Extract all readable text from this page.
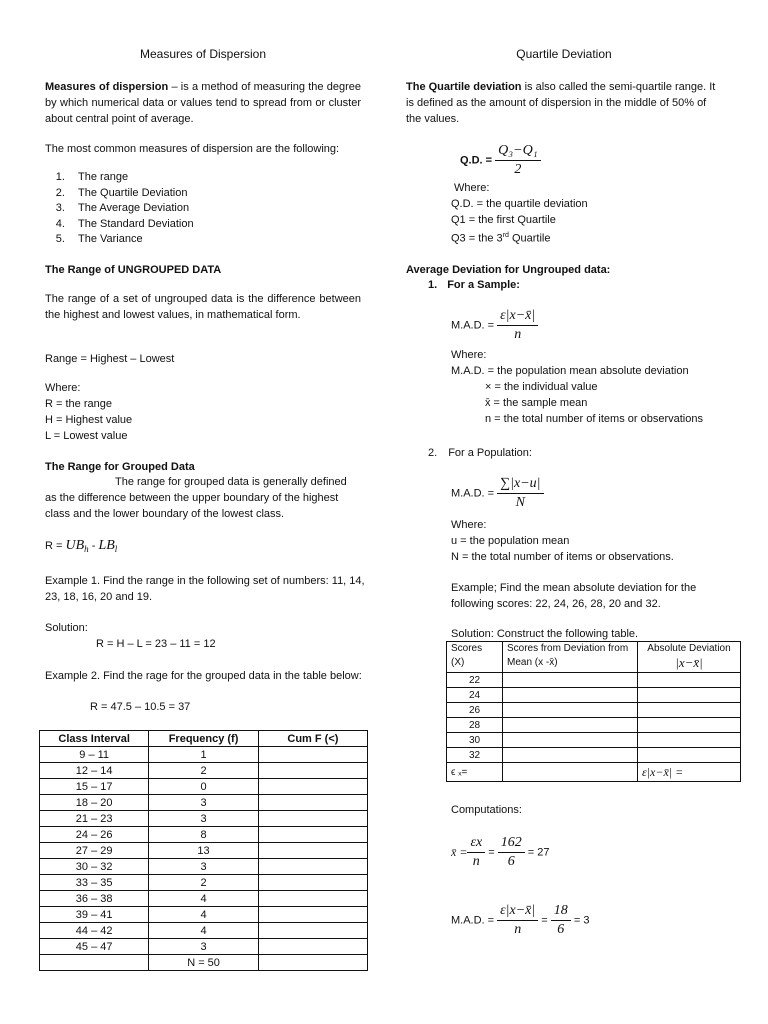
Measures of Dispersion
Measures of dispersion – is a method of measuring the degree by which numerical data or values tend to spread from or cluster about central point of average.
The most common measures of dispersion are the following:
1. The range
2. The Quartile Deviation
3. The Average Deviation
4. The Standard Deviation
5. The Variance
The Range of UNGROUPED DATA
The range of a set of ungrouped data is the difference between the highest and lowest values, in mathematical form.
Range = Highest – Lowest
Where:
R = the range
H = Highest value
L = Lowest value
The Range for Grouped Data
The range for grouped data is generally defined as the difference between the upper boundary of the highest class and the lower boundary of the lowest class.
$R = UB_h - LB_l$
Example 1. Find the range in the following set of numbers: 11, 14, 23, 18, 16, 20 and 19.
Solution:
R = H – L = 23 – 11 = 12
Example 2. Find the rage for the grouped data in the table below:
R = 47.5 – 10.5 = 37
Class Interval	Frequency (f)	Cum F (<)
9 – 11	1	
12 – 14	2	
15 – 17	0	
18 – 20	3	
21 – 23	3	
24 – 26	8	
27 – 29	13	
30 – 32	3	
33 – 35	2	
36 – 38	4	
39 – 41	4	
44 – 42	4	
45 – 47	3	
	N = 50	
Quartile Deviation
The Quartile deviation is also called the semi-quartile range. It is defined as the amount of dispersion in the middle of 50% of the values.
Q.D. = $\frac{\text{Q₃−Q₁}}{2}$
Where:
Q.D. = the quartile deviation
Q1 = the first Quartile
Q3 = the 3rd Quartile
Average Deviation for Ungrouped data:
1. For a Sample:
M.A.D. = $\frac{\varepsilon|x-x̄|}{n}$
Where:
M.A.D. = the population mean absolute deviation
× = the individual value
x̄ = the sample mean
n = the total number of items or observations
2. For a Population:
M.A.D. = $\frac{\sum|x-u|}{N}$
Where:
u = the population mean
N = the total number of items or observations.
Example; Find the mean absolute deviation for the following scores: 22, 24, 26, 28, 20 and 32.
Solution: Construct the following table.
Scores (X)	Scores from Deviation from Mean (x -x̄)	Absolute Deviation
|x−x̄|

22		
24		
26		
28		
30		
32		
ϵ ₓ=		ε|x−x̄| =
Computations:
x̄ = $\frac{\varepsilon x}{n} = \frac{162}{6} = 27$
M.A.D. = $\frac{\varepsilon|x-x̄|}{n} = \frac{18}{6} = 3$
